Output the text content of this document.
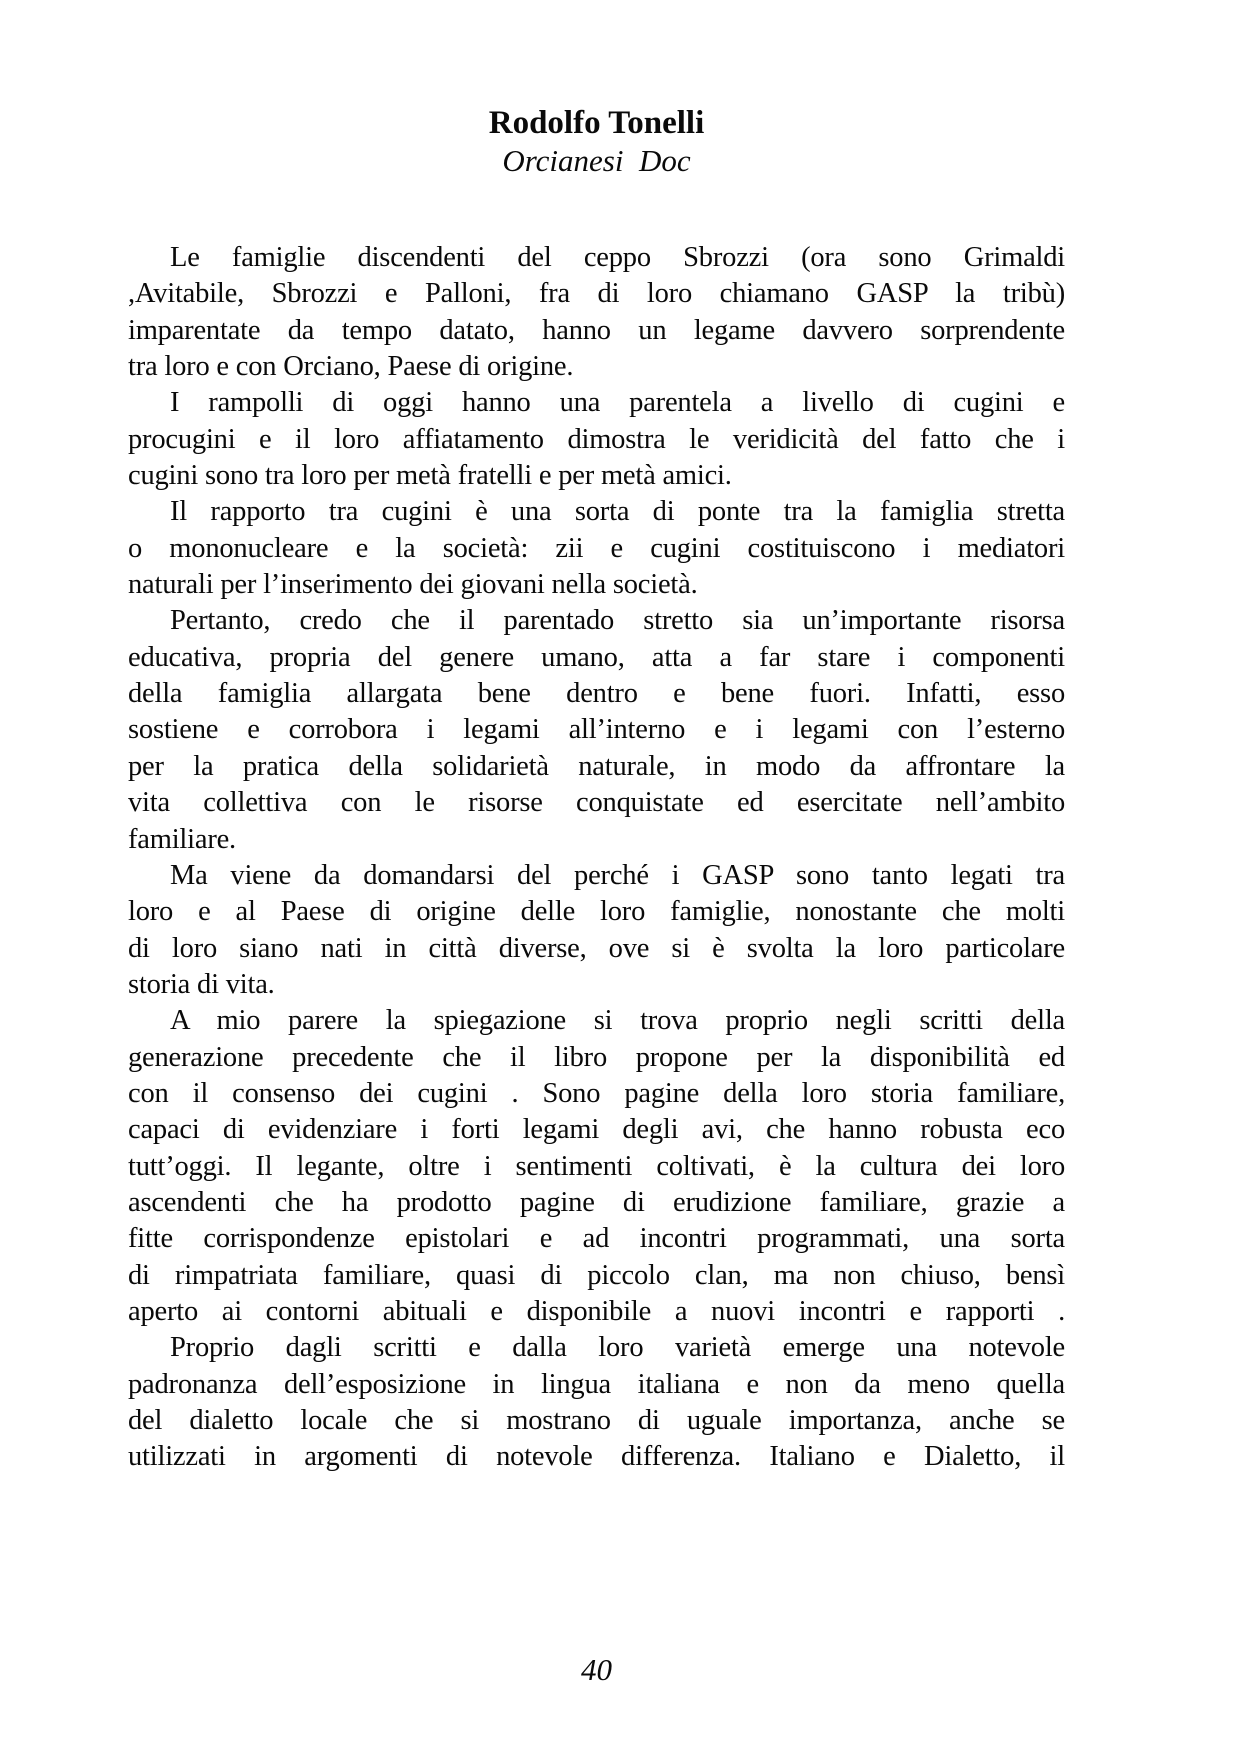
Rodolfo Tonelli
Orcianesi  Doc
Le famiglie discendenti del ceppo Sbrozzi (ora sono Grimaldi
,Avitabile, Sbrozzi e Palloni, fra di loro chiamano GASP la tribù)
imparentate da tempo datato, hanno un legame davvero sorprendente
tra loro e con Orciano, Paese di origine.
I rampolli di oggi hanno una parentela a livello di cugini e
procugini e il loro affiatamento dimostra le veridicità del fatto che i
cugini sono tra loro per metà fratelli e per metà amici.
Il rapporto tra cugini è una sorta di ponte tra la famiglia stretta
o mononucleare e la società: zii e cugini costituiscono i mediatori
naturali per l’inserimento dei giovani nella società.
Pertanto, credo che il parentado stretto sia un’importante risorsa
educativa, propria del genere umano, atta a far stare i componenti
della famiglia allargata bene dentro e bene fuori. Infatti, esso
sostiene e corrobora i legami all’interno e i legami con l’esterno
per la pratica della solidarietà naturale, in modo da affrontare la
vita collettiva con le risorse conquistate ed esercitate nell’ambito
familiare.
Ma viene da domandarsi del perché i GASP sono tanto legati tra
loro e al Paese di origine delle loro famiglie, nonostante che molti
di loro siano nati in città diverse, ove si è svolta la loro particolare
storia di vita.
A mio parere la spiegazione si trova proprio negli scritti della
generazione precedente che il libro propone per la disponibilità ed
con il consenso dei cugini . Sono pagine della loro storia familiare,
capaci di evidenziare i forti legami degli avi, che hanno robusta eco
tutt’oggi. Il legante, oltre i sentimenti coltivati, è la cultura dei loro
ascendenti che ha prodotto pagine di erudizione familiare, grazie a
fitte corrispondenze epistolari e ad incontri programmati, una sorta
di rimpatriata familiare, quasi di piccolo clan, ma non chiuso, bensì
aperto ai contorni abituali e disponibile a nuovi incontri e rapporti .
Proprio dagli scritti e dalla loro varietà emerge una notevole
padronanza dell’esposizione in lingua italiana e non da meno quella
del dialetto locale che si mostrano di uguale importanza, anche se
utilizzati in argomenti di notevole differenza. Italiano e Dialetto, il
40
